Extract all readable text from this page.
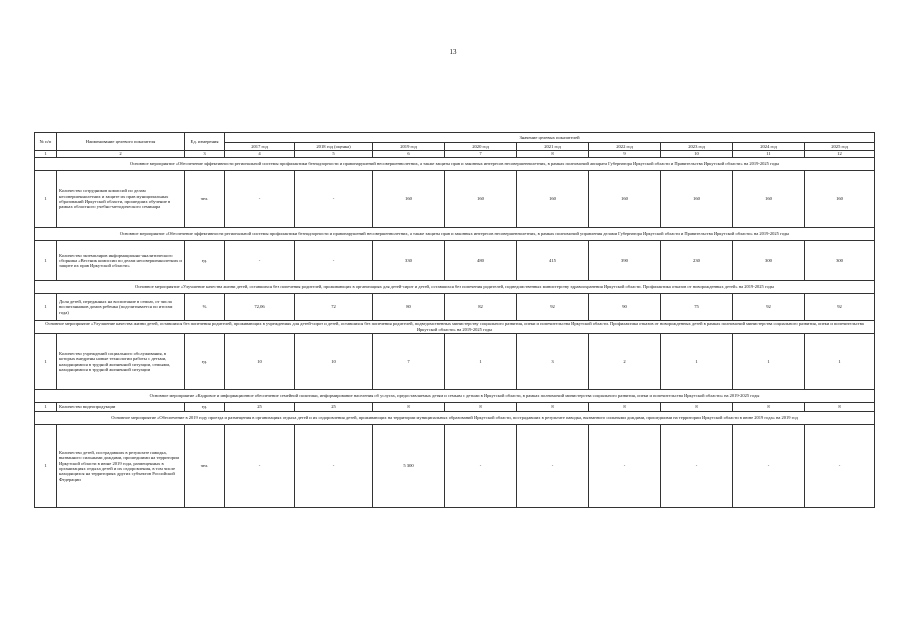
13
№ п/п	Наименование целевого показателя	Ед. измерения	Значение целевых показателей								
			2017 год	2018 год (оценка)	2019 год	2020 год	2021 год	2022 год	2023 год	2024 год	2025 год
1	2	3	4	5	6	7	8	9	10	11	12
Основное мероприятие «Обеспечение эффективности региональной системы профилактики безнадзорности и правонарушений несовершеннолетних, а также защиты прав и законных интересов несовершеннолетних, в рамках полномочий аппарата Губернатора Иркутской области и Правительства Иркутской области» на 2019-2025 годы											
1	Количество сотрудников комиссий по делам несовершеннолетних и защите их прав муниципальных образований Иркутской области, прошедших обучение в рамках областного учебно-методического семинара	чел.	-	-	160	160	160	160	160	160	160
Основное мероприятие «Обеспечение эффективности региональной системы профилактики безнадзорности и правонарушений несовершеннолетних, а также защиты прав и законных интересов несовершеннолетних, в рамках полномочий управления делами Губернатора Иркутской области и Правительства Иркутской области» на 2019-2025 годы											
1	Количество экземпляров информационно-аналитического сборника «Вестник комиссии по делам несовершеннолетних и защите их прав Иркутской области»	ед.	-	-	330	480	415	390	230	300	300
Основное мероприятие «Улучшение качества жизни детей, оставшихся без попечения родителей, проживающих в организациях для детей-сирот и детей, оставшихся без попечения родителей, подведомственных министерству здравоохранения Иркутской области. Профилактика отказов от новорожденных детей» на 2019-2025 годы											
1	Доля детей, переданных на воспитание в семью, от числа воспитанников домов ребенка (подсчитывается по итогам года)	%	72,06	72	80	82	92	90	75	92	92
Основное мероприятие «Улучшение качества жизни детей, оставшихся без попечения родителей, проживающих в учреждениях для детей-сирот и детей, оставшихся без попечения родителей, подведомственных министерству социального развития, опеки и попечительства Иркутской области. Профилактика отказов от новорожденных детей в рамках полномочий министерства социального развития, опеки и попечительства Иркутской области» на 2019-2025 годы											
1	Количество учреждений социального обслуживания, в которых внедрены новые технологии работы с детьми, находящимися в трудной жизненной ситуации, семьями, находящимися в трудной жизненной ситуации	ед.	10	10	7	1	3	2	1	1	1
Основное мероприятие «Кадровое и информационное обеспечение семейной политики, информирование населения об услугах, предоставляемых детям и семьям с детьми в Иркутской области, в рамках полномочий министерства социального развития, опеки и попечительства Иркутской области» на 2019-2025 годы											
1	Количество видеопродукции	ед.	25	25	8	8	8	8	8	8	8
Основное мероприятие «Обеспечение в 2019 году проезда и размещения в организациях отдыха детей и их оздоровления детей, проживающих на территории муниципальных образований Иркутской области, пострадавших в результате паводка, вызванного сильными дождями, прошедшими на территории Иркутской области в июне 2019 года» на 2019 год											
1	Количество детей, пострадавших в результате паводка, вызванного сильными дождями, прошедшими на территории Иркутской области в июне 2019 года, размещенных в организациях отдыха детей и их оздоровления, в том числе находящихся на территориях других субъектов Российской Федерации	чел.	-	-	5 300	-	-	-	-	-	-
